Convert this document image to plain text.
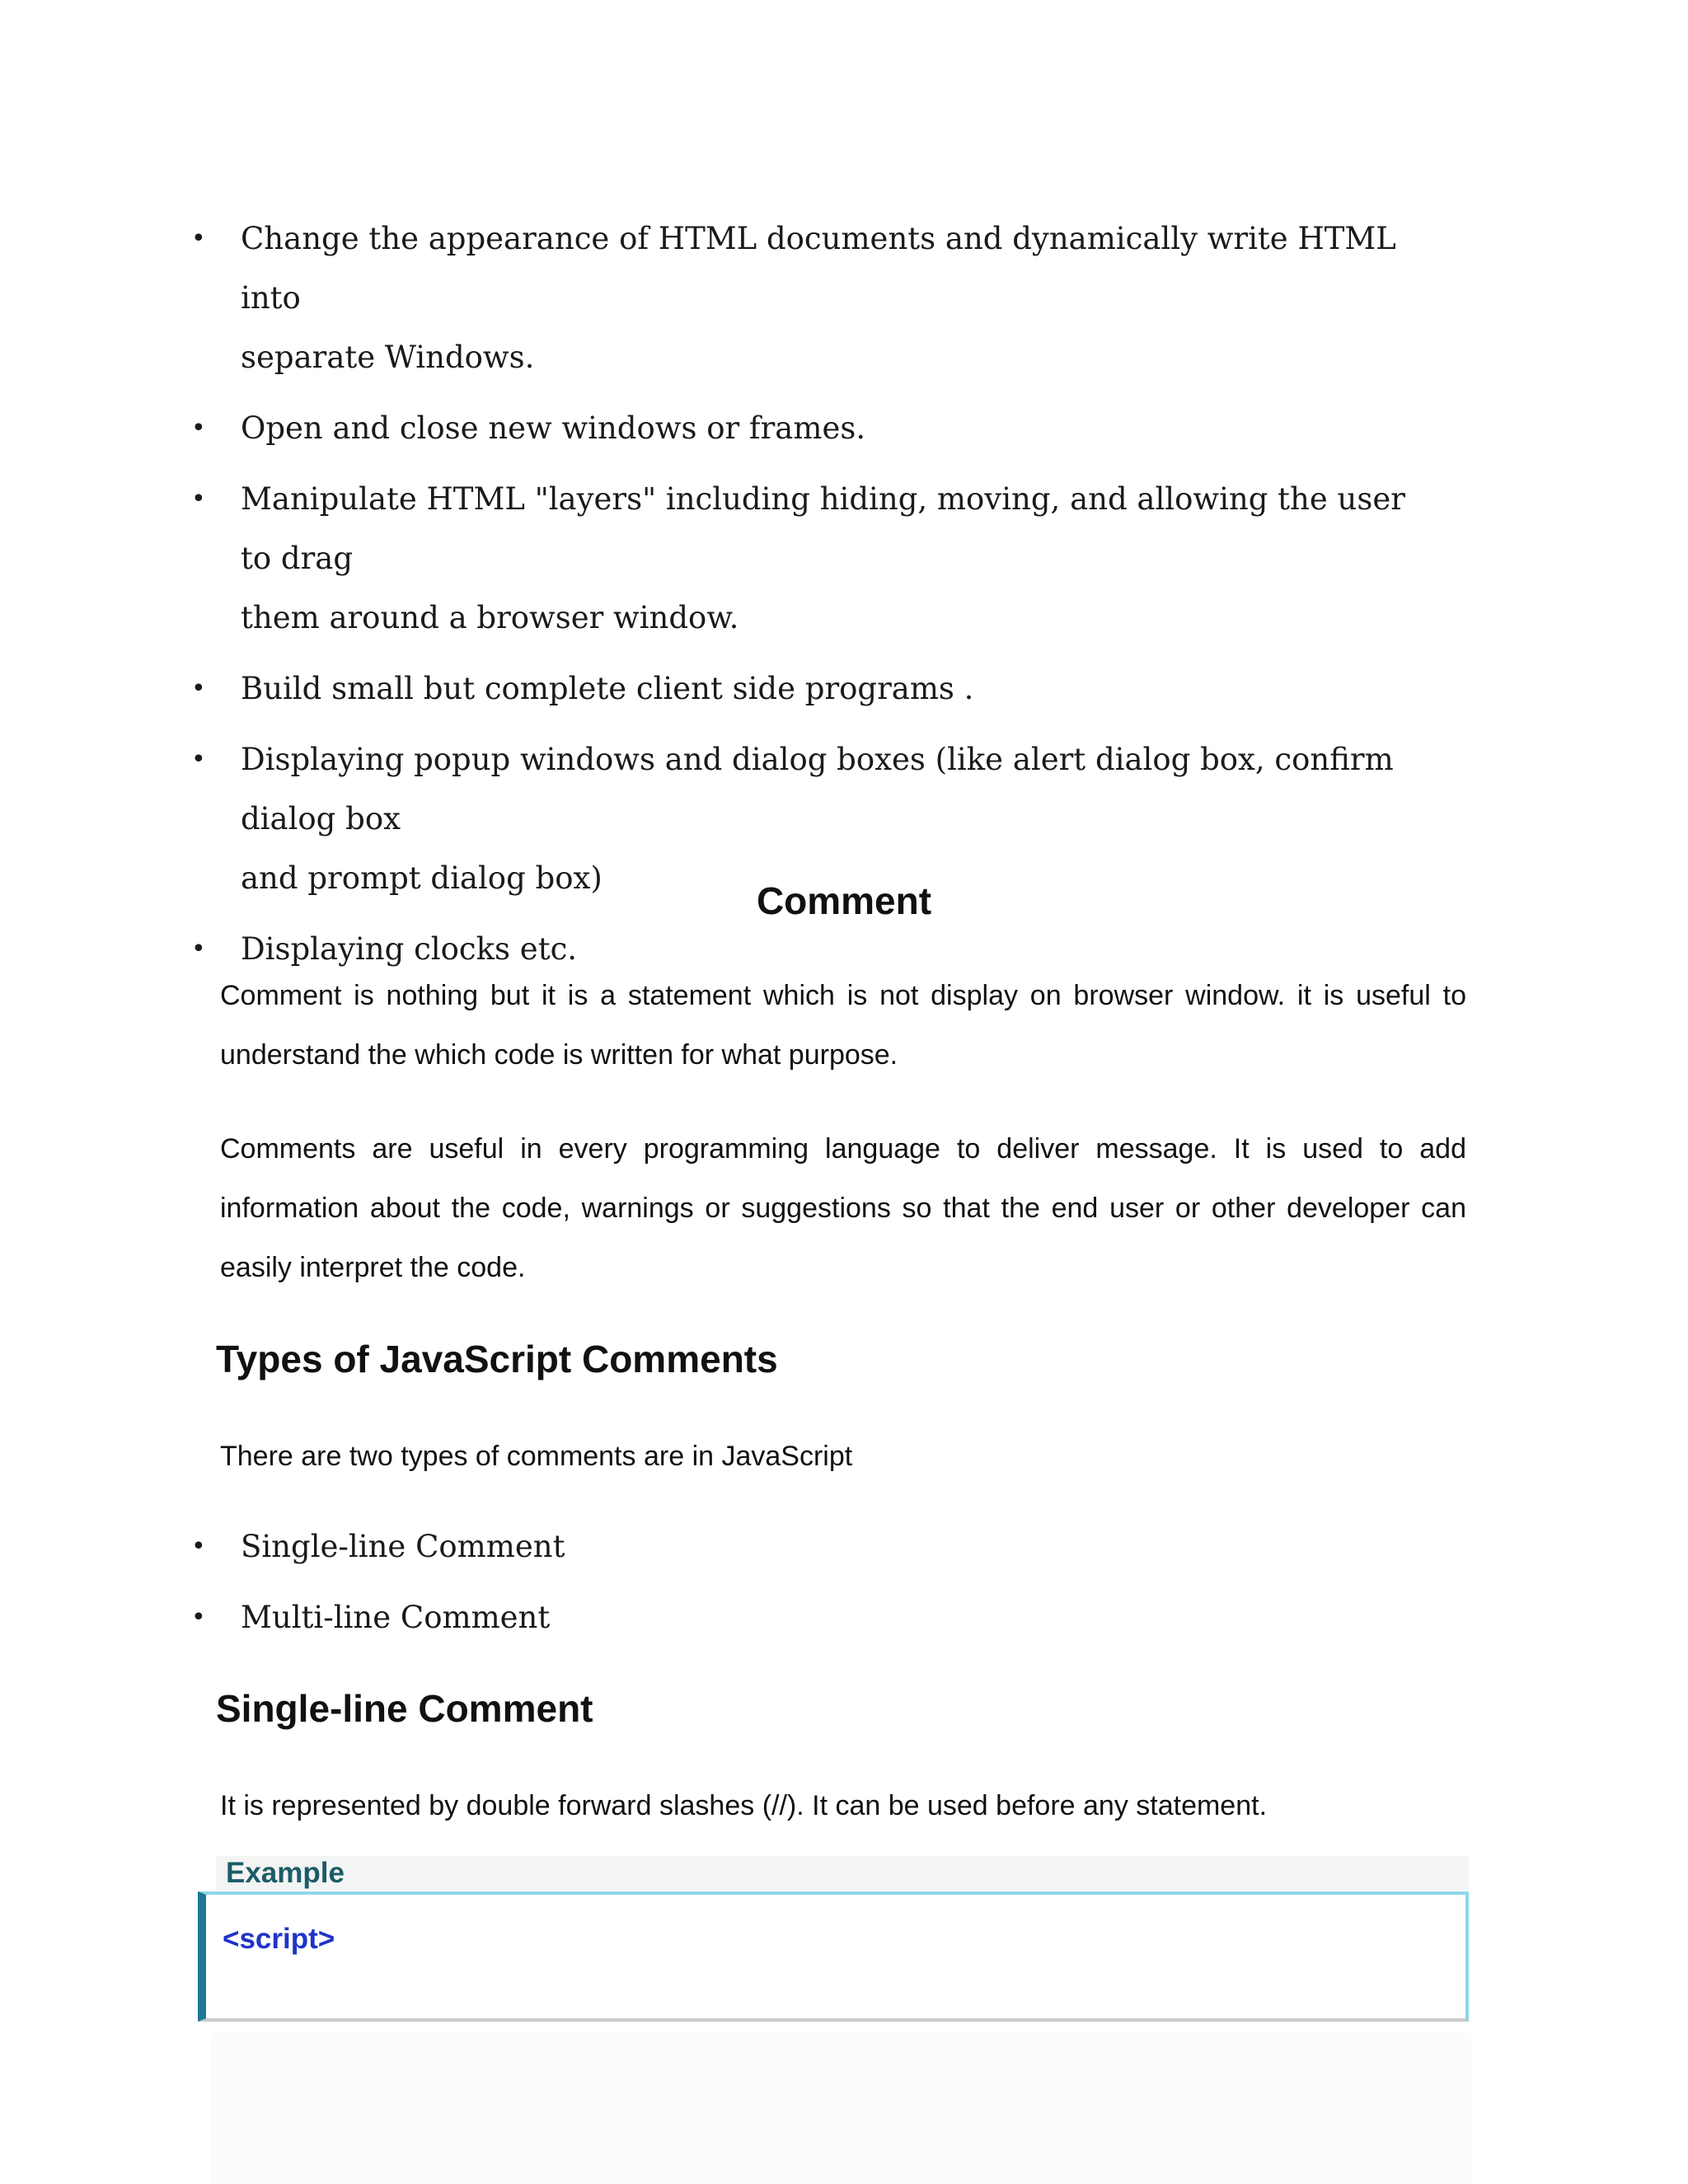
• Change the appearance of HTML documents and dynamically write HTML into
separate Windows.
• Open and close new windows or frames.
• Manipulate HTML "layers" including hiding, moving, and allowing the user to drag
them around a browser window.
• Build small but complete client side programs .
• Displaying popup windows and dialog boxes (like alert dialog box, confirm dialog box
and prompt dialog box)
• Displaying clocks etc.
Comment

Comment is nothing but it is a statement which is not display on browser window. it is useful to understand the which code is written for what purpose.

Comments are useful in every programming language to deliver message. It is used to add information about the code, warnings or suggestions so that the end user or other developer can easily interpret the code.

Types of JavaScript Comments

There are two types of comments are in JavaScript

• Single-line Comment
• Multi-line Comment
Single-line Comment

It is represented by double forward slashes (//). It can be used before any statement.

Example
<script>
